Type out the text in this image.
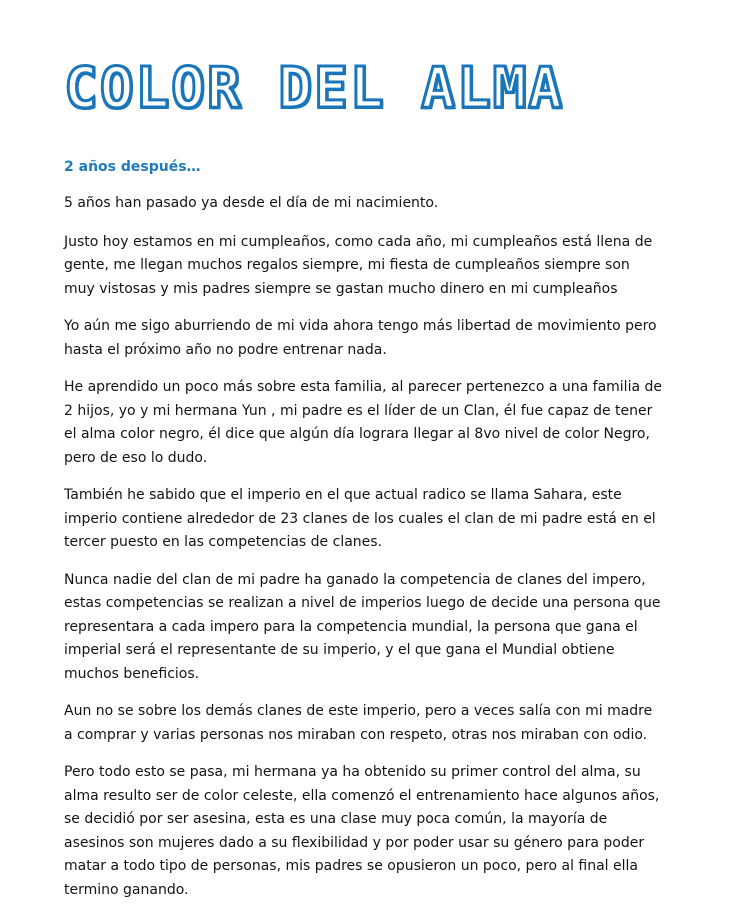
COLOR DEL ALMA
2 años después…

5 años han pasado ya desde el día de mi nacimiento.

Justo hoy estamos en mi cumpleaños, como cada año, mi cumpleaños está llena de gente, me llegan muchos regalos siempre, mi fiesta de cumpleaños siempre son muy vistosas y mis padres siempre se gastan mucho dinero en mi cumpleaños

Yo aún me sigo aburriendo de mi vida ahora tengo más libertad de movimiento pero hasta el próximo año no podre entrenar nada.

He aprendido un poco más sobre esta familia, al parecer pertenezco a una familia de 2 hijos, yo y mi hermana Yun , mi padre es el líder de un Clan, él fue capaz de tener el alma color negro, él dice que algún día lograra llegar al 8vo nivel de color Negro, pero de eso lo dudo.

También he sabido que el imperio en el que actual radico se llama Sahara, este imperio contiene alrededor de 23 clanes de los cuales el clan de mi padre está en el tercer puesto en las competencias de clanes.

Nunca nadie del clan de mi padre ha ganado la competencia de clanes del impero, estas competencias se realizan a nivel de imperios luego de decide una persona que representara a cada impero para la competencia mundial, la persona que gana el imperial será el representante de su imperio, y el que gana el Mundial obtiene muchos beneficios.

Aun no se sobre los demás clanes de este imperio, pero a veces salía con mi madre a comprar y varias personas nos miraban con respeto, otras nos miraban con odio.

Pero todo esto se pasa, mi hermana ya ha obtenido su primer control del alma, su alma resulto ser de color celeste, ella comenzó el entrenamiento hace algunos años, se decidió por ser asesina, esta es una clase muy poca común, la mayoría de asesinos son mujeres dado a su flexibilidad y por poder usar su género para poder matar a todo tipo de personas, mis padres se opusieron un poco, pero al final ella termino ganando.
